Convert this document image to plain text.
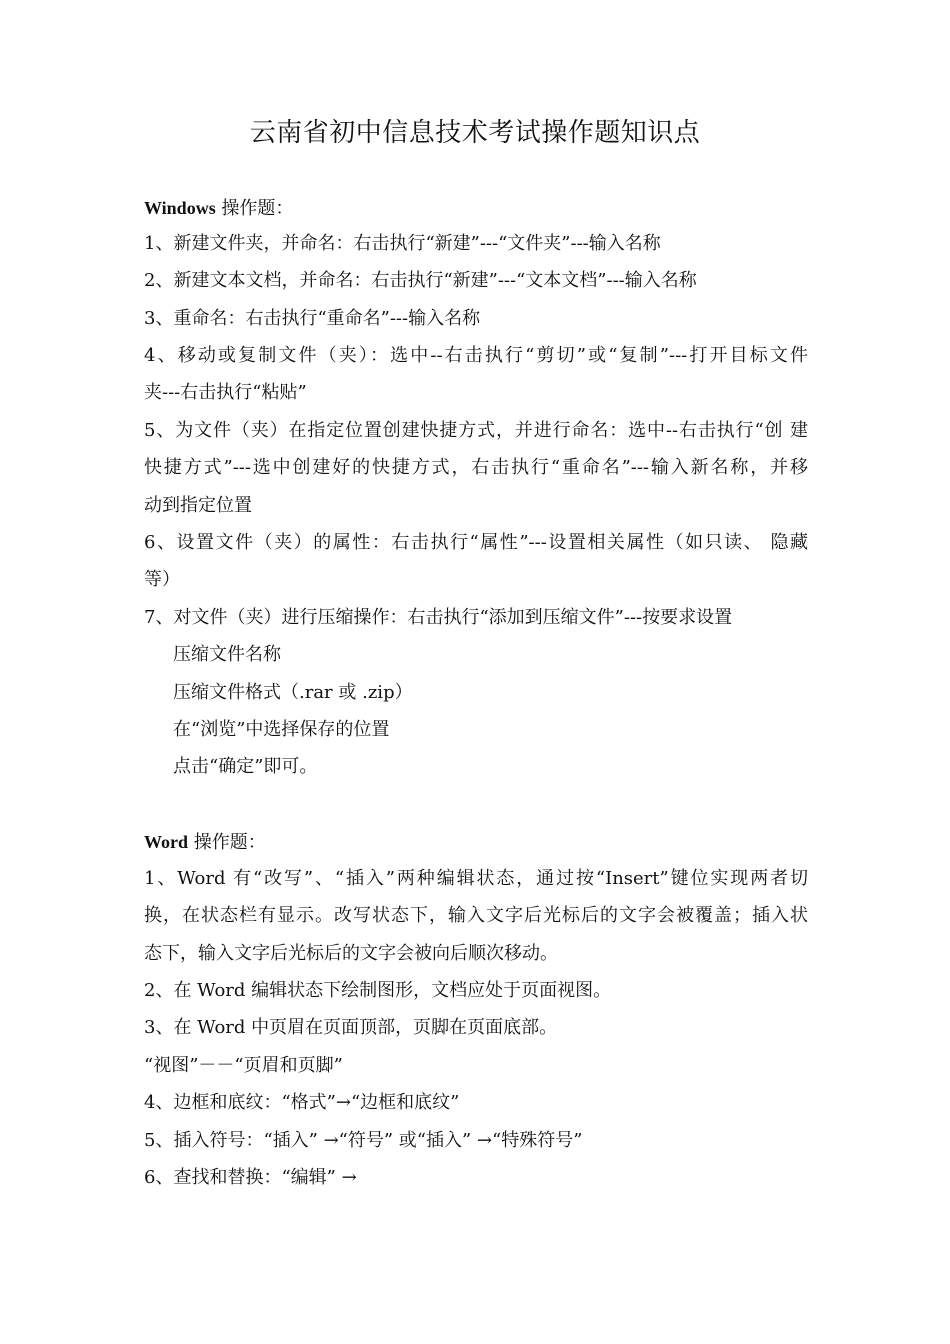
云南省初中信息技术考试操作题知识点
Windows 操作题：
1、新建文件夹，并命名：右击执行“新建”---“文件夹”---输入名称
2、新建文本文档，并命名：右击执行“新建”---“文本文档”---输入名称
3、重命名：右击执行“重命名”---输入名称
4、移动或复制文件（夹）：选中--右击执行“剪切”或“复制”---打开目标文件
夹---右击执行“粘贴”
5、为文件（夹）在指定位置创建快捷方式，并进行命名：选中--右击执行“创 建
快捷方式”---选中创建好的快捷方式，右击执行“重命名”---输入新名称，并移
动到指定位置
6、设置文件（夹）的属性：右击执行“属性”---设置相关属性（如只读、 隐藏
等）
7、对文件（夹）进行压缩操作：右击执行“添加到压缩文件”---按要求设置
压缩文件名称
压缩文件格式（.rar 或 .zip）
在“浏览”中选择保存的位置
点击“确定”即可。
Word 操作题：
1、Word 有“改写”、“插入”两种编辑状态，通过按“Insert”键位实现两者切
换，在状态栏有显示。改写状态下，输入文字后光标后的文字会被覆盖；插入状
态下，输入文字后光标后的文字会被向后顺次移动。
2、在 Word 编辑状态下绘制图形，文档应处于页面视图。
3、在 Word 中页眉在页面顶部，页脚在页面底部。
“视图”－－“页眉和页脚”
4、边框和底纹：“格式”→“边框和底纹”
5、插入符号：“插入” →“符号” 或“插入” →“特殊符号”
6、查找和替换：“编辑” →
